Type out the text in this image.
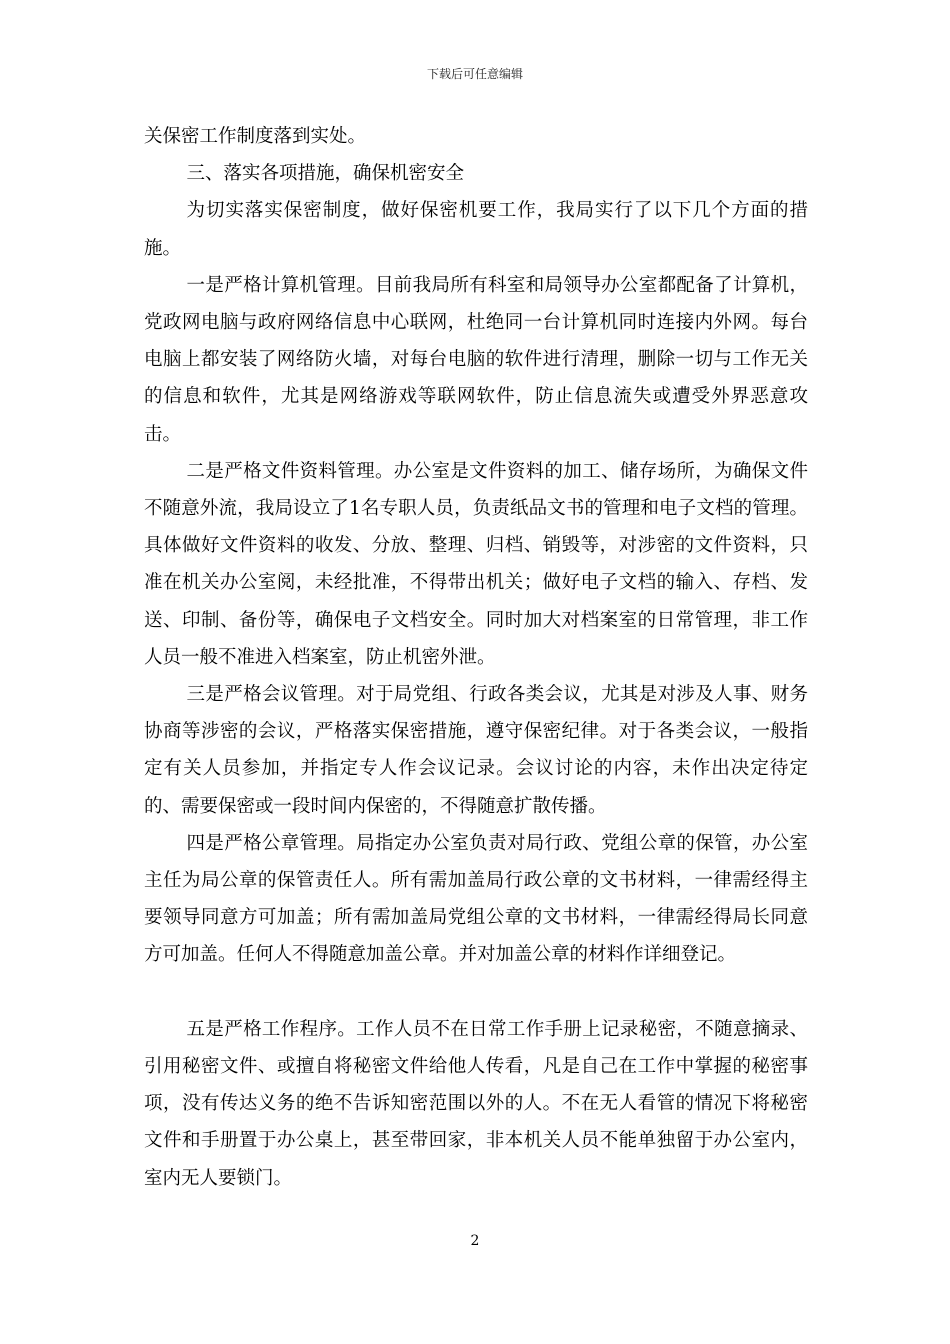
下载后可任意编辑

关保密工作制度落到实处。

三、落实各项措施，确保机密安全

为切实落实保密制度，做好保密机要工作，我局实行了以下几个方面的措施。

一是严格计算机管理。目前我局所有科室和局领导办公室都配备了计算机，党政网电脑与政府网络信息中心联网，杜绝同一台计算机同时连接内外网。每台电脑上都安装了网络防火墙，对每台电脑的软件进行清理，删除一切与工作无关的信息和软件，尤其是网络游戏等联网软件，防止信息流失或遭受外界恶意攻击。

二是严格文件资料管理。办公室是文件资料的加工、储存场所，为确保文件不随意外流，我局设立了1名专职人员，负责纸品文书的管理和电子文档的管理。具体做好文件资料的收发、分放、整理、归档、销毁等，对涉密的文件资料，只准在机关办公室阅，未经批准，不得带出机关；做好电子文档的输入、存档、发送、印制、备份等，确保电子文档安全。同时加大对档案室的日常管理，非工作人员一般不准进入档案室，防止机密外泄。

三是严格会议管理。对于局党组、行政各类会议，尤其是对涉及人事、财务协商等涉密的会议，严格落实保密措施，遵守保密纪律。对于各类会议，一般指定有关人员参加，并指定专人作会议记录。会议讨论的内容，未作出决定待定的、需要保密或一段时间内保密的，不得随意扩散传播。

四是严格公章管理。局指定办公室负责对局行政、党组公章的保管，办公室主任为局公章的保管责任人。所有需加盖局行政公章的文书材料，一律需经得主要领导同意方可加盖；所有需加盖局党组公章的文书材料，一律需经得局长同意方可加盖。任何人不得随意加盖公章。并对加盖公章的材料作详细登记。

五是严格工作程序。工作人员不在日常工作手册上记录秘密，不随意摘录、引用秘密文件、或擅自将秘密文件给他人传看，凡是自己在工作中掌握的秘密事项，没有传达义务的绝不告诉知密范围以外的人。不在无人看管的情况下将秘密文件和手册置于办公桌上，甚至带回家，非本机关人员不能单独留于办公室内，室内无人要锁门。

2
